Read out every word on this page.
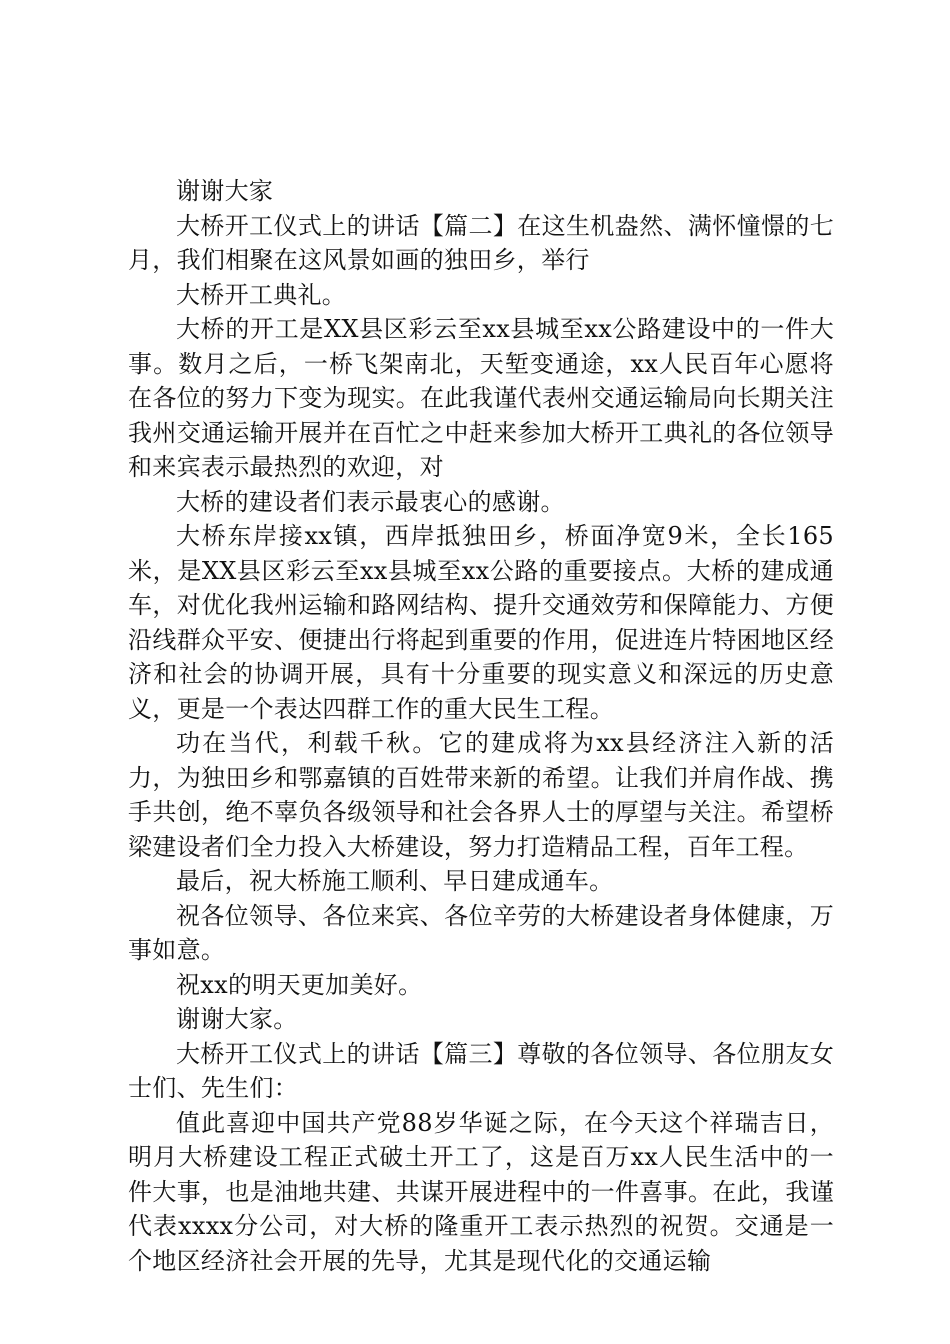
谢谢大家

大桥开工仪式上的讲话【篇二】在这生机盎然、满怀憧憬的七月，我们相聚在这风景如画的独田乡，举行

大桥开工典礼。

大桥的开工是XX县区彩云至xx县城至xx公路建设中的一件大事。数月之后，一桥飞架南北，天堑变通途，xx人民百年心愿将在各位的努力下变为现实。在此我谨代表州交通运输局向长期关注我州交通运输开展并在百忙之中赶来参加大桥开工典礼的各位领导和来宾表示最热烈的欢迎，对

大桥的建设者们表示最衷心的感谢。

大桥东岸接xx镇，西岸抵独田乡，桥面净宽9米，全长165米，是XX县区彩云至xx县城至xx公路的重要接点。大桥的建成通车，对优化我州运输和路网结构、提升交通效劳和保障能力、方便沿线群众平安、便捷出行将起到重要的作用，促进连片特困地区经济和社会的协调开展，具有十分重要的现实意义和深远的历史意义，更是一个表达四群工作的重大民生工程。

功在当代，利载千秋。它的建成将为xx县经济注入新的活力，为独田乡和鄂嘉镇的百姓带来新的希望。让我们并肩作战、携手共创，绝不辜负各级领导和社会各界人士的厚望与关注。希望桥梁建设者们全力投入大桥建设，努力打造精品工程，百年工程。

最后，祝大桥施工顺利、早日建成通车。

祝各位领导、各位来宾、各位辛劳的大桥建设者身体健康，万事如意。

祝xx的明天更加美好。

谢谢大家。

大桥开工仪式上的讲话【篇三】尊敬的各位领导、各位朋友女士们、先生们：

值此喜迎中国共产党88岁华诞之际，在今天这个祥瑞吉日，明月大桥建设工程正式破土开工了，这是百万xx人民生活中的一件大事，也是油地共建、共谋开展进程中的一件喜事。在此，我谨代表xxxx分公司，对大桥的隆重开工表示热烈的祝贺。交通是一个地区经济社会开展的先导，尤其是现代化的交通运输
